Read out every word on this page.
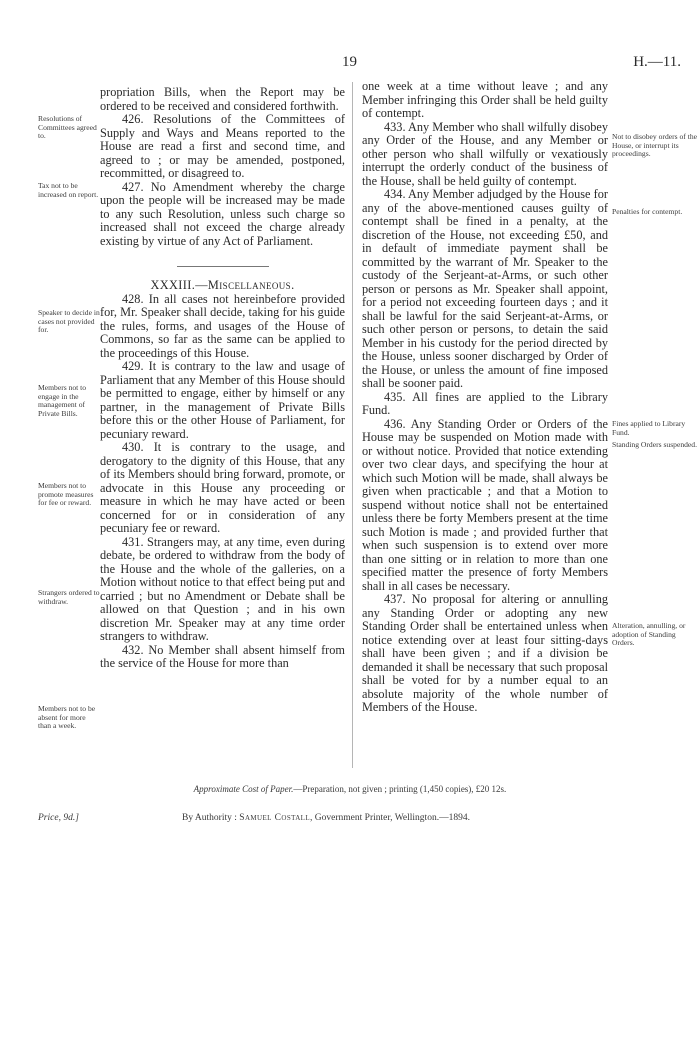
19	H.—11.

propriation Bills, when the Report may be ordered to be received and considered forthwith.

426. Resolutions of the Committees of Supply and Ways and Means reported to the House are read a first and second time, and agreed to ; or may be amended, postponed, recommitted, or disagreed to.

427. No Amendment whereby the charge upon the people will be increased may be made to any such Resolution, unless such charge so increased shall not exceed the charge already existing by virtue of any Act of Parliament.

XXXIII.—Miscellaneous.

428. In all cases not hereinbefore provided for, Mr. Speaker shall decide, taking for his guide the rules, forms, and usages of the House of Commons, so far as the same can be applied to the proceedings of this House.

429. It is contrary to the law and usage of Parliament that any Member of this House should be permitted to engage, either by himself or any partner, in the management of Private Bills before this or the other House of Parliament, for pecuniary reward.

430. It is contrary to the usage, and derogatory to the dignity of this House, that any of its Members should bring forward, promote, or advocate in this House any proceeding or measure in which he may have acted or been concerned for or in consideration of any pecuniary fee or reward.

431. Strangers may, at any time, even during debate, be ordered to withdraw from the body of the House and the whole of the galleries, on a Motion without notice to that effect being put and carried ; but no Amendment or Debate shall be allowed on that Question ; and in his own discretion Mr. Speaker may at any time order strangers to withdraw.

432. No Member shall absent himself from the service of the House for more than

one week at a time without leave ; and any Member infringing this Order shall be held guilty of contempt.

433. Any Member who shall wilfully disobey any Order of the House, and any Member or other person who shall wilfully or vexatiously interrupt the orderly conduct of the business of the House, shall be held guilty of contempt.

434. Any Member adjudged by the House for any of the above-mentioned causes guilty of contempt shall be fined in a penalty, at the discretion of the House, not exceeding £50, and in default of immediate payment shall be committed by the warrant of Mr. Speaker to the custody of the Serjeant-at-Arms, or such other person or persons as Mr. Speaker shall appoint, for a period not exceeding fourteen days ; and it shall be lawful for the said Serjeant-at-Arms, or such other person or persons, to detain the said Member in his custody for the period directed by the House, unless sooner discharged by Order of the House, or unless the amount of fine imposed shall be sooner paid.

435. All fines are applied to the Library Fund.

436. Any Standing Order or Orders of the House may be suspended on Motion made with or without notice. Provided that notice extending over two clear days, and specifying the hour at which such Motion will be made, shall always be given when practicable ; and that a Motion to suspend without notice shall not be entertained unless there be forty Members present at the time such Motion is made ; and provided further that when such suspension is to extend over more than one sitting or in relation to more than one specified matter the presence of forty Members shall in all cases be necessary.

437. No proposal for altering or annulling any Standing Order or adopting any new Standing Order shall be entertained unless when notice extending over at least four sitting-days shall have been given ; and if a division be demanded it shall be necessary that such proposal shall be voted for by a number equal to an absolute majority of the whole number of Members of the House.

Resolutions of Committees agreed to.
Tax not to be increased on report.
Speaker to decide in cases not provided for.
Members not to engage in the management of Private Bills.
Members not to promote measures for fee or reward.
Strangers ordered to withdraw.
Members not to be absent for more than a week.
Not to disobey orders of the House, or interrupt its proceedings.
Penalties for contempt.
Fines applied to Library Fund.
Standing Orders suspended.
Alteration, annulling, or adoption of Standing Orders.
Approximate Cost of Paper.—Preparation, not given ; printing (1,450 copies), £20 12s.
Price, 9d.]	By Authority : Samuel Costall, Government Printer, Wellington.—1894.
